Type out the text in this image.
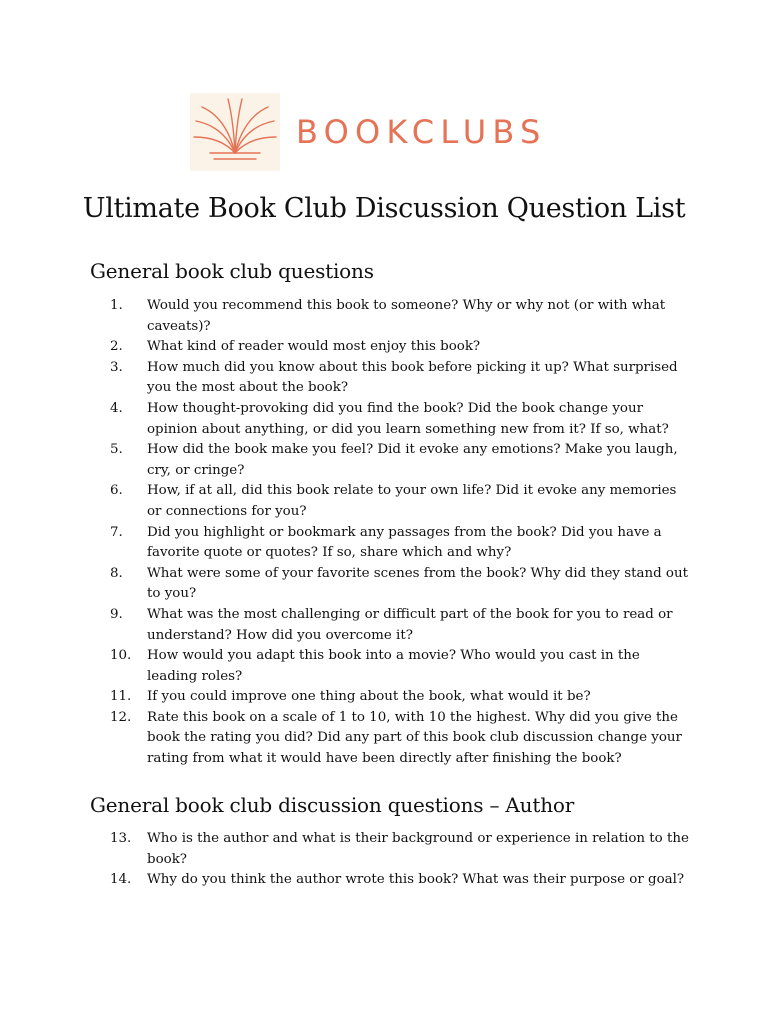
BOOKCLUBS
Ultimate Book Club Discussion Question List
General book club questions
1.	Would you recommend this book to someone? Why or why not (or with what caveats)?
2.	What kind of reader would most enjoy this book?
3.	How much did you know about this book before picking it up? What surprised you the most about the book?
4.	How thought-provoking did you find the book? Did the book change your opinion about anything, or did you learn something new from it? If so, what?
5.	How did the book make you feel? Did it evoke any emotions? Make you laugh, cry, or cringe?
6.	How, if at all, did this book relate to your own life? Did it evoke any memories or connections for you?
7.	Did you highlight or bookmark any passages from the book? Did you have a favorite quote or quotes? If so, share which and why?
8.	What were some of your favorite scenes from the book? Why did they stand out to you?
9.	What was the most challenging or difficult part of the book for you to read or understand? How did you overcome it?
10.	How would you adapt this book into a movie? Who would you cast in the leading roles?
11.	If you could improve one thing about the book, what would it be?
12.	Rate this book on a scale of 1 to 10, with 10 the highest. Why did you give the book the rating you did? Did any part of this book club discussion change your rating from what it would have been directly after finishing the book?
General book club discussion questions – Author
13.	Who is the author and what is their background or experience in relation to the book?
14.	Why do you think the author wrote this book? What was their purpose or goal?
